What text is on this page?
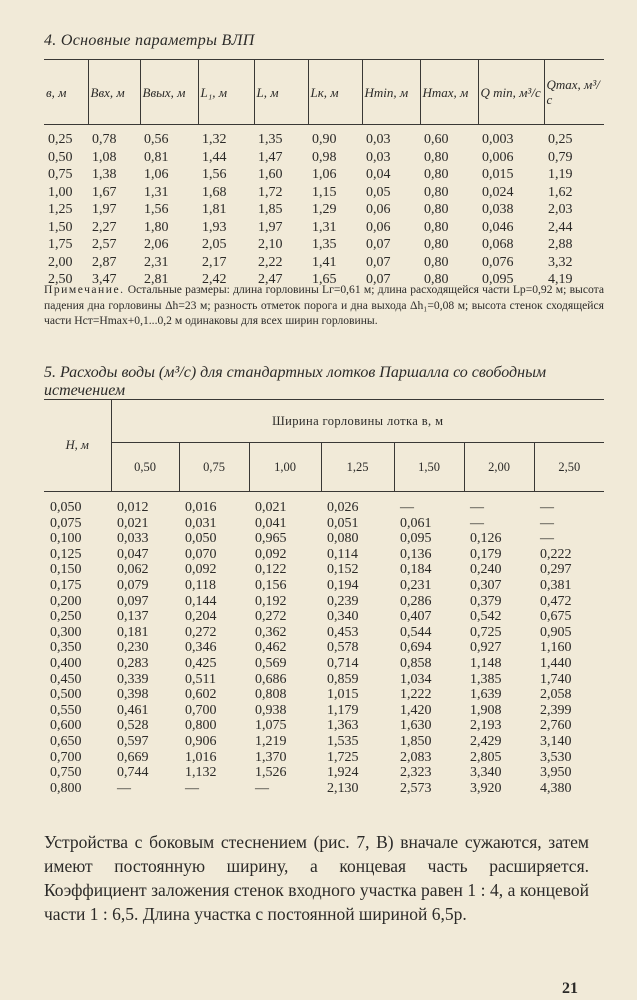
4. Основные параметры ВЛП
в, м	Bвх, м	Bвых, м	L₁, м	L, м	Lк, м	Hmin, м	Hmax, м	Q min, м³/с	Qmax, м³/с
0,25	0,78	0,56	1,32	1,35	0,90	0,03	0,60	0,003	0,25
0,50	1,08	0,81	1,44	1,47	0,98	0,03	0,80	0,006	0,79
0,75	1,38	1,06	1,56	1,60	1,06	0,04	0,80	0,015	1,19
1,00	1,67	1,31	1,68	1,72	1,15	0,05	0,80	0,024	1,62
1,25	1,97	1,56	1,81	1,85	1,29	0,06	0,80	0,038	2,03
1,50	2,27	1,80	1,93	1,97	1,31	0,06	0,80	0,046	2,44
1,75	2,57	2,06	2,05	2,10	1,35	0,07	0,80	0,068	2,88
2,00	2,87	2,31	2,17	2,22	1,41	0,07	0,80	0,076	3,32
2,50	3,47	2,81	2,42	2,47	1,65	0,07	0,80	0,095	4,19
Примечание. Остальные размеры: длина горловины Lг=0,61 м; длина расходящейся части Lр=0,92 м; высота падения дна горловины Δh=23 м; разность отметок порога и дна выхода Δh₁=0,08 м; высота стенок сходящейся части Hст=Hmax+0,1...0,2 м одинаковы для всех ширин горловины.
5. Расходы воды (м³/с) для стандартных лотков Паршалла со свободным истечением
H, м	Ширина горловины лотка в, м						
	0,50	0,75	1,00	1,25	1,50	2,00	2,50
0,050	0,012	0,016	0,021	0,026	—	—	—
0,075	0,021	0,031	0,041	0,051	0,061	—	—
0,100	0,033	0,050	0,965	0,080	0,095	0,126	—
0,125	0,047	0,070	0,092	0,114	0,136	0,179	0,222
0,150	0,062	0,092	0,122	0,152	0,184	0,240	0,297
0,175	0,079	0,118	0,156	0,194	0,231	0,307	0,381
0,200	0,097	0,144	0,192	0,239	0,286	0,379	0,472
0,250	0,137	0,204	0,272	0,340	0,407	0,542	0,675
0,300	0,181	0,272	0,362	0,453	0,544	0,725	0,905
0,350	0,230	0,346	0,462	0,578	0,694	0,927	1,160
0,400	0,283	0,425	0,569	0,714	0,858	1,148	1,440
0,450	0,339	0,511	0,686	0,859	1,034	1,385	1,740
0,500	0,398	0,602	0,808	1,015	1,222	1,639	2,058
0,550	0,461	0,700	0,938	1,179	1,420	1,908	2,399
0,600	0,528	0,800	1,075	1,363	1,630	2,193	2,760
0,650	0,597	0,906	1,219	1,535	1,850	2,429	3,140
0,700	0,669	1,016	1,370	1,725	2,083	2,805	3,530
0,750	0,744	1,132	1,526	1,924	2,323	3,340	3,950
0,800	—	—	—	2,130	2,573	3,920	4,380
Устройства с боковым стеснением (рис. 7, В) вначале сужаются, затем имеют постоянную ширину, а концевая часть расширяется. Коэффициент заложения стенок входного участка равен 1 : 4, а концевой части 1 : 6,5. Длина участка с постоянной шириной 6,5р.
21
